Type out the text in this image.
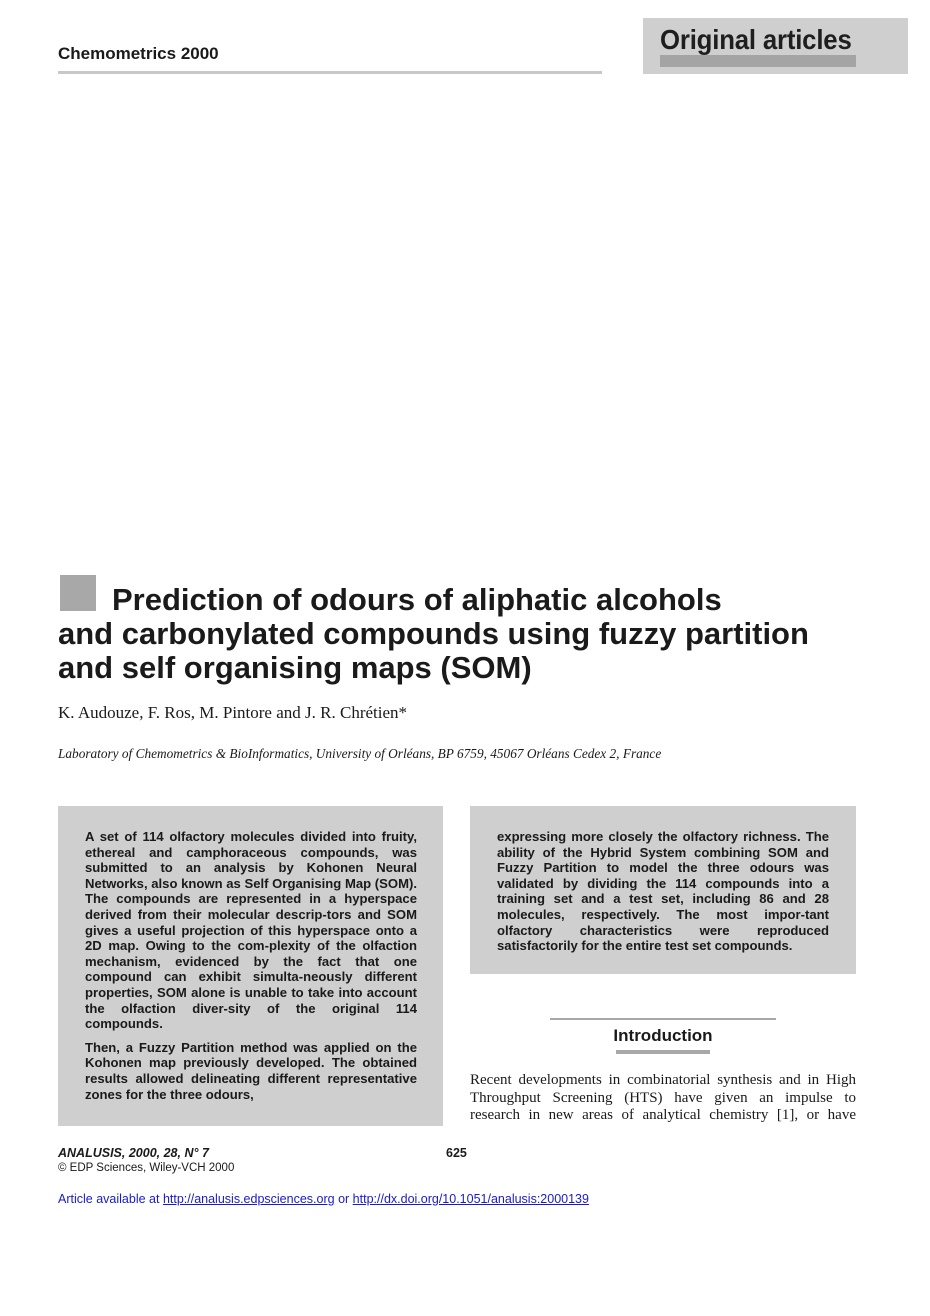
Chemometrics 2000	Original articles
Prediction of odours of aliphatic alcohols
and carbonylated compounds using fuzzy partition
and self organising maps (SOM)
K. Audouze, F. Ros, M. Pintore and J. R. Chrétien*
Laboratory of Chemometrics & BioInformatics, University of Orléans, BP 6759, 45067 Orléans Cedex 2, France

A set of 114 olfactory molecules divided into fruity, ethereal and camphoraceous compounds, was submitted to an analysis by Kohonen Neural Networks, also known as Self Organising Map (SOM). The compounds are represented in a hyperspace derived from their molecular descrip-tors and SOM gives a useful projection of this hyperspace onto a 2D map. Owing to the com-plexity of the olfaction mechanism, evidenced by the fact that one compound can exhibit simulta-neously different properties, SOM alone is unable to take into account the olfaction diver-sity of the original 114 compounds.

Then, a Fuzzy Partition method was applied on the Kohonen map previously developed. The obtained results allowed delineating different representative zones for the three odours,

expressing more closely the olfactory richness. The ability of the Hybrid System combining SOM and Fuzzy Partition to model the three odours was validated by dividing the 114 compounds into a training set and a test set, including 86 and 28 molecules, respectively. The most impor-tant olfactory characteristics were reproduced satisfactorily for the entire test set compounds.

Introduction
Recent developments in combinatorial synthesis and in High
Throughput Screening (HTS) have given an impulse to
research in new areas of analytical chemistry [1], or have
ANALUSIS, 2000, 28, N° 7	625
© EDP Sciences, Wiley-VCH 2000
Article available at http://analusis.edpsciences.org or http://dx.doi.org/10.1051/analusis:2000139
